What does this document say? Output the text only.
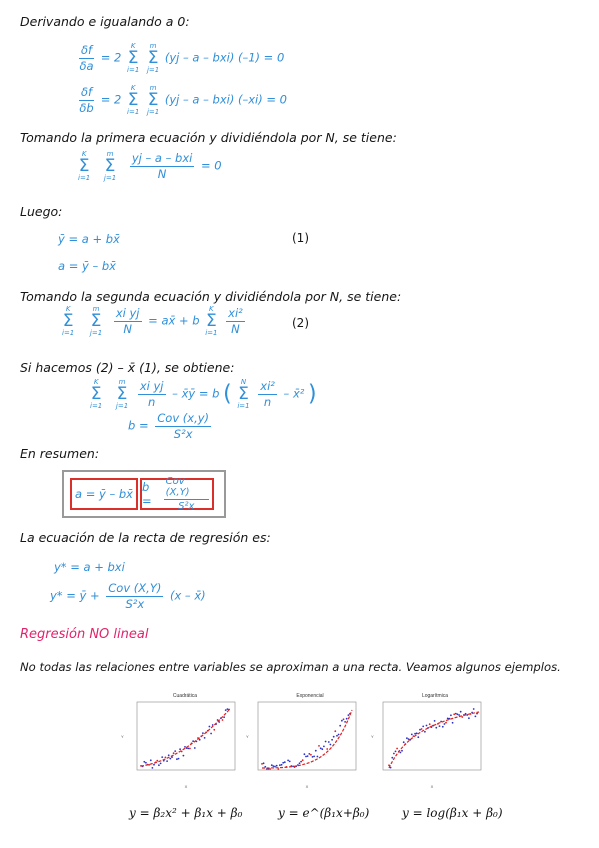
Derivando e igualando a 0:
$\frac{\delta f}{\delta a} = 2$
K
Σ
i=1

m
Σ
j=1
(yj – a – bxi) (–1) = 0
$\frac{\delta f}{\delta b} = 2$
K
Σ
i=1

m
Σ
j=1
(yj – a – bxi) (–xi) = 0
Tomando la primera ecuación y dividiéndola por N, se tiene:
K
Σ
i=1

m
Σ
j=1
$\frac{\text{yj – a – bxi}}{N} = 0$
Luego:
ȳ = a + bx̄	(1)
a = ȳ – bx̄
Tomando la segunda ecuación y dividiéndola por N, se tiene:
K
Σ
i=1

m
Σ
j=1
$\frac{\text{xi yj}}{N}$ = ax̄ + b
K
Σ
i=1
$\frac{\text{xi²}}{N}$	(2)
Si hacemos (2) – x̄ (1), se obtiene:
K
Σ
i=1

m
Σ
j=1
$\frac{\text{xi yj}}{n}$ – x̄ȳ = b ( N
Σ
i=1
$\frac{\text{xi²}}{n}$ – x̄² )
$b = \frac{\text{Cov (x,y)}}{\text{S²x}}$
En resumen:
a = ȳ – bx̄ b =	$\frac{\text{Cov (X,Y)}}{\text{S²x}}$
La ecuación de la recta de regresión es:
y* = a + bxi
y* = ȳ + $\frac{\text{Cov (X,Y)}}{\text{S²x}} (x$ – x̄)
Regresión NO lineal
No todas las relaciones entre variables se aproximan a una recta. Veamos algunos ejemplos.
Cuadrática
Y
X
Exponencial
Y
X
Logarítmica
Y
X
y = β₂x² + β₁x + β₀	y = e^(β₁x+β₀)	y = log(β₁x + β₀)
